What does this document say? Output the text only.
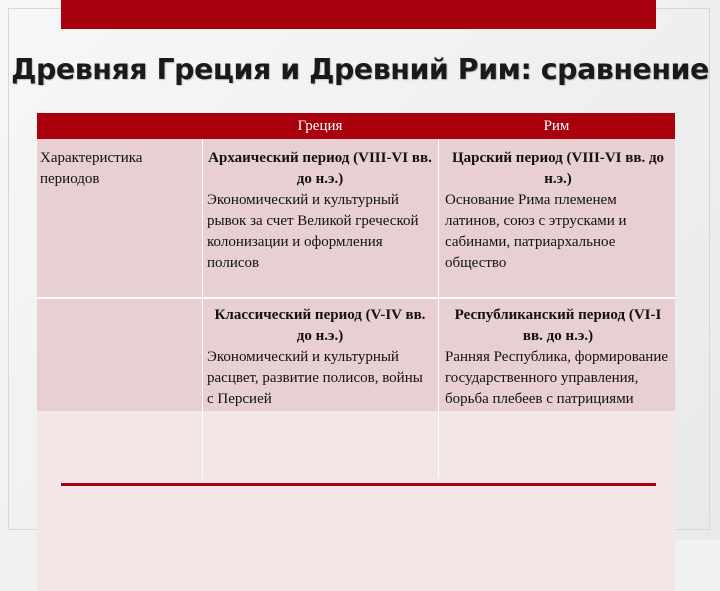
Древняя Греция и Древний Рим: сравнение
Греция	Рим
Характеристика периодов
Архаический период (VIII-VI вв. до н.э.)
Экономический и культурный рывок за счет Великой греческой колонизации и оформления полисов
Царский период (VIII-VI вв. до н.э.)
Основание Рима племенем латинов, союз с этрусками и сабинами, патриархальное общество
Классический период (V-IV вв. до н.э.)
Экономический и культурный расцвет, развитие полисов, войны с Персией
Республиканский период (VI-I вв. до н.э.)
Ранняя Республика, формирование государственного управления, борьба плебеев с патрициями
